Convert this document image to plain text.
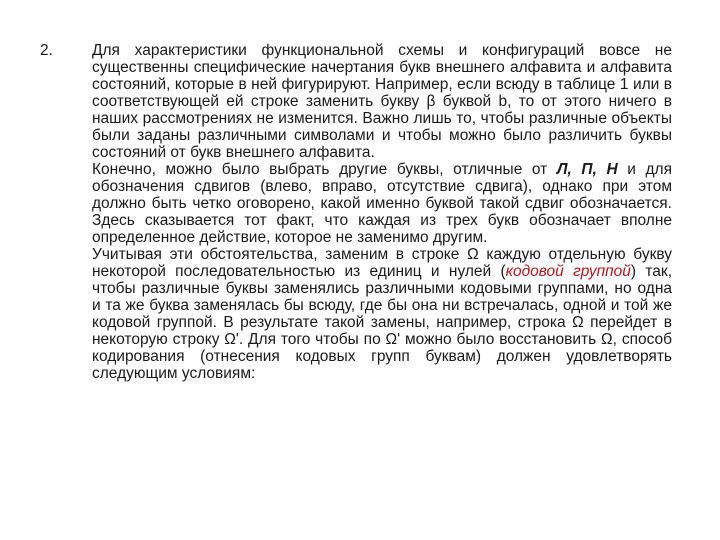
2.	Для характеристики функциональной схемы и конфигураций вовсе не существенны специфические начертания букв внешнего алфавита и алфавита состояний, которые в ней фигурируют. Например, если всюду в таблице 1 или в соответствующей ей строке заменить букву β буквой b, то от этого ничего в наших рассмотрениях не изменится. Важно лишь то, чтобы различные объекты были заданы различными символами и чтобы можно было различить буквы состояний от букв внешнего алфавита.

Конечно, можно было выбрать другие буквы, отличные от Л, П, Н и для обозначения сдвигов (влево, вправо, отсутствие сдвига), однако при этом должно быть четко оговорено, какой именно буквой такой сдвиг обозначается. Здесь сказывается тот факт, что каждая из трех букв обозначает вполне определенное действие, которое не заменимо другим.

Учитывая эти обстоятельства, заменим в строке Ω каждую отдельную букву некоторой последовательностью из единиц и нулей (кодовой группой) так, чтобы различные буквы заменялись различными кодовыми группами, но одна и та же буква заменялась бы всюду, где бы она ни встречалась, одной и той же кодовой группой. В результате такой замены, например, строка Ω перейдет в некоторую строку Ω'. Для того чтобы по Ω' можно было восстановить Ω, способ кодирования (отнесения кодовых групп буквам) должен удовлетворять следующим условиям:
